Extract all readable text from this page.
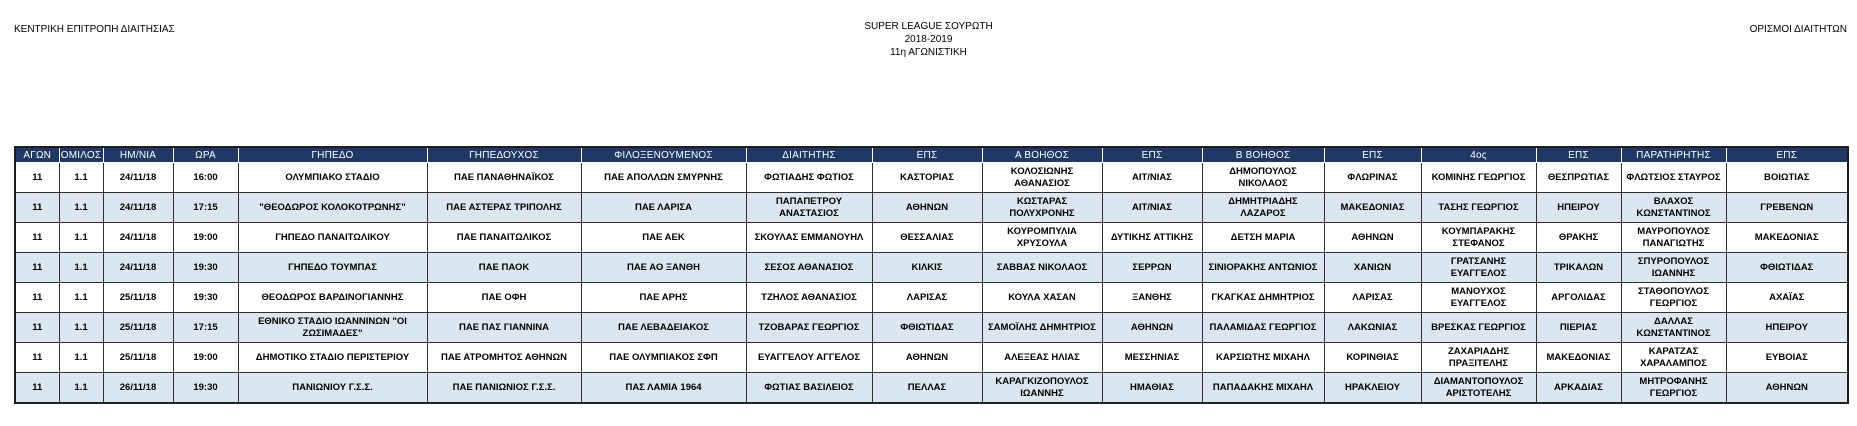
ΚΕΝΤΡΙΚΗ ΕΠΙΤΡΟΠΗ ΔΙΑΙΤΗΣΙΑΣ	SUPER LEAGUE ΣΟΥΡΩΤΗ
2018-2019
11η ΑΓΩΝΙΣΤΙΚΗ
ΟΡΙΣΜΟΙ ΔΙΑΙΤΗΤΩΝ
ΑΓΩΝ	ΟΜΙΛΟΣ	ΗΜ/ΝΙΑ	ΩΡΑ	ΓΗΠΕΔΟ	ΓΗΠΕΔΟΥΧΟΣ	ΦΙΛΟΞΕΝΟΥΜΕΝΟΣ	ΔΙΑΙΤΗΤΗΣ	ΕΠΣ	Α ΒΟΗΘΟΣ	ΕΠΣ	Β ΒΟΗΘΟΣ	ΕΠΣ	4ος	ΕΠΣ	ΠΑΡΑΤΗΡΗΤΗΣ	ΕΠΣ
11	1.1	24/11/18	16:00	ΟΛΥΜΠΙΑΚΟ ΣΤΑΔΙΟ	ΠΑΕ ΠΑΝΑΘΗΝΑΪΚΟΣ	ΠΑΕ ΑΠΟΛΛΩΝ ΣΜΥΡΝΗΣ	ΦΩΤΙΑΔΗΣ ΦΩΤΙΟΣ	ΚΑΣΤΟΡΙΑΣ	ΚΟΛΟΣΙΩΝΗΣ ΑΘΑΝΑΣΙΟΣ	ΑΙΤ/ΝΙΑΣ	ΔΗΜΟΠΟΥΛΟΣ ΝΙΚΟΛΑΟΣ	ΦΛΩΡΙΝΑΣ	ΚΟΜΙΝΗΣ ΓΕΩΡΓΙΟΣ	ΘΕΣΠΡΩΤΙΑΣ	ΦΛΩΤΣΙΟΣ ΣΤΑΥΡΟΣ	ΒΟΙΩΤΙΑΣ
11	1.1	24/11/18	17:15	"ΘΕΟΔΩΡΟΣ ΚΟΛΟΚΟΤΡΩΝΗΣ"	ΠΑΕ ΑΣΤΕΡΑΣ ΤΡΙΠΟΛΗΣ	ΠΑΕ ΛΑΡΙΣΑ	ΠΑΠΑΠΕΤΡΟΥ ΑΝΑΣΤΑΣΙΟΣ	ΑΘΗΝΩΝ	ΚΩΣΤΑΡΑΣ ΠΟΛΥΧΡΟΝΗΣ	ΑΙΤ/ΝΙΑΣ	ΔΗΜΗΤΡΙΑΔΗΣ ΛΑΖΑΡΟΣ	ΜΑΚΕΔΟΝΙΑΣ	ΤΑΣΗΣ ΓΕΩΡΓΙΟΣ	ΗΠΕΙΡΟΥ	ΒΛΑΧΟΣ ΚΩΝΣΤΑΝΤΙΝΟΣ	ΓΡΕΒΕΝΩΝ
11	1.1	24/11/18	19:00	ΓΗΠΕΔΟ ΠΑΝΑΙΤΩΛΙΚΟΥ	ΠΑΕ ΠΑΝΑΙΤΩΛΙΚΟΣ	ΠΑΕ ΑΕΚ	ΣΚΟΥΛΑΣ ΕΜΜΑΝΟΥΗΛ	ΘΕΣΣΑΛΙΑΣ	ΚΟΥΡΟΜΠΥΛΙΑ ΧΡΥΣΟΥΛΑ	ΔΥΤΙΚΗΣ ΑΤΤΙΚΗΣ	ΔΕΤΣΗ ΜΑΡΙΑ	ΑΘΗΝΩΝ	ΚΟΥΜΠΑΡΑΚΗΣ ΣΤΕΦΑΝΟΣ	ΘΡΑΚΗΣ	ΜΑΥΡΟΠΟΥΛΟΣ ΠΑΝΑΓΙΩΤΗΣ	ΜΑΚΕΔΟΝΙΑΣ
11	1.1	24/11/18	19:30	ΓΗΠΕΔΟ ΤΟΥΜΠΑΣ	ΠΑΕ ΠΑΟΚ	ΠΑΕ ΑΟ ΞΑΝΘΗ	ΣΕΣΟΣ ΑΘΑΝΑΣΙΟΣ	ΚΙΛΚΙΣ	ΣΑΒΒΑΣ ΝΙΚΟΛΑΟΣ	ΣΕΡΡΩΝ	ΣΙΝΙΟΡΑΚΗΣ ΑΝΤΩΝΙΟΣ	ΧΑΝΙΩΝ	ΓΡΑΤΣΑΝΗΣ ΕΥΑΓΓΕΛΟΣ	ΤΡΙΚΑΛΩΝ	ΣΠΥΡΟΠΟΥΛΟΣ ΙΩΑΝΝΗΣ	ΦΘΙΩΤΙΔΑΣ
11	1.1	25/11/18	19:30	ΘΕΟΔΩΡΟΣ ΒΑΡΔΙΝΟΓΙΑΝΝΗΣ	ΠΑΕ ΟΦΗ	ΠΑΕ ΑΡΗΣ	ΤΖΗΛΟΣ ΑΘΑΝΑΣΙΟΣ	ΛΑΡΙΣΑΣ	ΚΟΥΛΑ ΧΑΣΑΝ	ΞΑΝΘΗΣ	ΓΚΑΓΚΑΣ ΔΗΜΗΤΡΙΟΣ	ΛΑΡΙΣΑΣ	ΜΑΝΟΥΧΟΣ ΕΥΑΓΓΕΛΟΣ	ΑΡΓΟΛΙΔΑΣ	ΣΤΑΘΟΠΟΥΛΟΣ ΓΕΩΡΓΙΟΣ	ΑΧΑΪΑΣ
11	1.1	25/11/18	17:15	ΕΘΝΙΚΟ ΣΤΑΔΙΟ ΙΩΑΝΝΙΝΩΝ "ΟΙ ΖΩΣΙΜΑΔΕΣ"	ΠΑΕ ΠΑΣ ΓΙΑΝΝΙΝΑ	ΠΑΕ ΛΕΒΑΔΕΙΑΚΟΣ	ΤΖΟΒΑΡΑΣ ΓΕΩΡΓΙΟΣ	ΦΘΙΩΤΙΔΑΣ	ΣΑΜΟΪΛΗΣ ΔΗΜΗΤΡΙΟΣ	ΑΘΗΝΩΝ	ΠΑΛΑΜΙΔΑΣ ΓΕΩΡΓΙΟΣ	ΛΑΚΩΝΙΑΣ	ΒΡΕΣΚΑΣ ΓΕΩΡΓΙΟΣ	ΠΙΕΡΙΑΣ	ΔΑΛΛΑΣ ΚΩΝΣΤΑΝΤΙΝΟΣ	ΗΠΕΙΡΟΥ
11	1.1	25/11/18	19:00	ΔΗΜΟΤΙΚΟ ΣΤΑΔΙΟ ΠΕΡΙΣΤΕΡΙΟΥ	ΠΑΕ ΑΤΡΟΜΗΤΟΣ ΑΘΗΝΩΝ	ΠΑΕ ΟΛΥΜΠΙΑΚΟΣ ΣΦΠ	ΕΥΑΓΓΕΛΟΥ ΑΓΓΕΛΟΣ	ΑΘΗΝΩΝ	ΑΛΕΞΕΑΣ ΗΛΙΑΣ	ΜΕΣΣΗΝΙΑΣ	ΚΑΡΣΙΩΤΗΣ ΜΙΧΑΗΛ	ΚΟΡΙΝΘΙΑΣ	ΖΑΧΑΡΙΑΔΗΣ ΠΡΑΞΙΤΕΛΗΣ	ΜΑΚΕΔΟΝΙΑΣ	ΚΑΡΑΤΖΑΣ ΧΑΡΑΛΑΜΠΟΣ	ΕΥΒΟΙΑΣ
11	1.1	26/11/18	19:30	ΠΑΝΙΩΝΙΟΥ Γ.Σ.Σ.	ΠΑΕ ΠΑΝΙΩΝΙΟΣ Γ.Σ.Σ.	ΠΑΣ ΛΑΜΙΑ 1964	ΦΩΤΙΑΣ ΒΑΣΙΛΕΙΟΣ	ΠΕΛΛΑΣ	ΚΑΡΑΓΚΙΖΟΠΟΥΛΟΣ ΙΩΑΝΝΗΣ	ΗΜΑΘΙΑΣ	ΠΑΠΑΔΑΚΗΣ ΜΙΧΑΗΛ	ΗΡΑΚΛΕΙΟΥ	ΔΙΑΜΑΝΤΟΠΟΥΛΟΣ ΑΡΙΣΤΟΤΕΛΗΣ	ΑΡΚΑΔΙΑΣ	ΜΗΤΡΟΦΑΝΗΣ ΓΕΩΡΓΙΟΣ	ΑΘΗΝΩΝ
